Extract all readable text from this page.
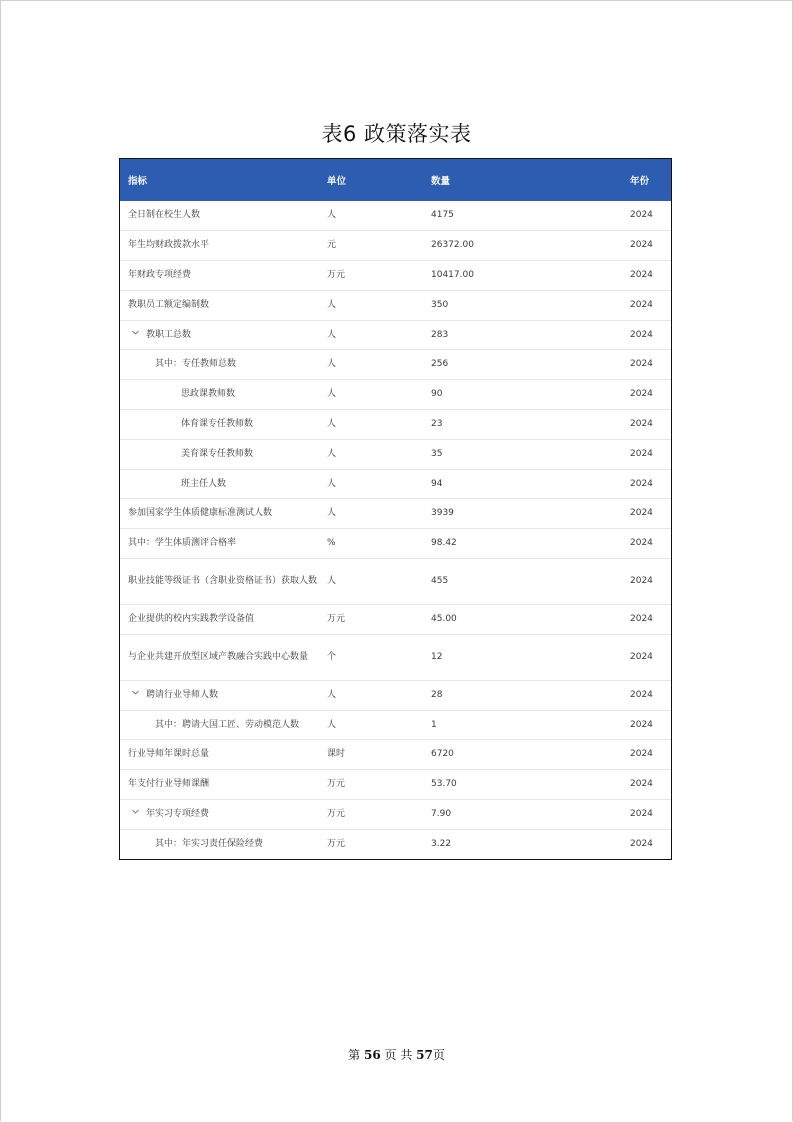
表6 政策落实表
指标	单位	数量	年份
全日制在校生人数	人	4175	2024
年生均财政拨款水平	元	26372.00	2024
年财政专项经费	万元	10417.00	2024
教职员工额定编制数	人	350	2024

教职工总数	人	283	2024
其中：专任教师总数	人	256	2024
思政课教师数	人	90	2024
体育课专任教师数	人	23	2024
美育课专任教师数	人	35	2024
班主任人数	人	94	2024
参加国家学生体质健康标准测试人数	人	3939	2024
其中：学生体质测评合格率	%	98.42	2024
职业技能等级证书（含职业资格证书）获取人数	人	455	2024
企业提供的校内实践教学设备值	万元	45.00	2024
与企业共建开放型区域产教融合实践中心数量	个	12	2024

聘请行业导师人数	人	28	2024
其中：聘请大国工匠、劳动模范人数	人	1	2024
行业导师年课时总量	课时	6720	2024
年支付行业导师课酬	万元	53.70	2024

年实习专项经费	万元	7.90	2024
其中：年实习责任保险经费	万元	3.22	2024
第 56 页 共 57页
